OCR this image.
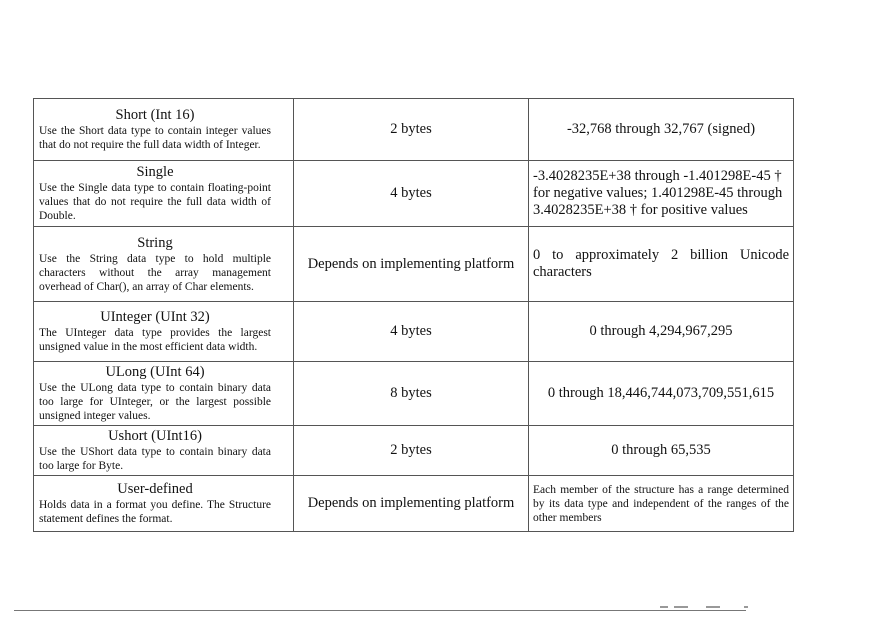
Short (Int 16)
Use the Short data type to contain integer values that do not require the full data width of Integer.	2 bytes	-32,768 through 32,767 (signed)

Single
Use the Single data type to contain floating-point values that do not require the full data width of Double.	4 bytes	-3.4028235E+38 through -1.401298E-45 † for negative values; 1.401298E-45 through 3.4028235E+38 † for positive values

String
Use the String data type to hold multiple characters without the array management overhead of Char(), an array of Char elements.	Depends on implementing platform	0 to approximately 2 billion Unicode characters

UInteger (UInt 32)
The UInteger data type provides the largest unsigned value in the most efficient data width.	4 bytes	0 through 4,294,967,295

ULong (UInt 64)
Use the ULong data type to contain binary data too large for UInteger, or the largest possible unsigned integer values.	8 bytes	0 through 18,446,744,073,709,551,615

Ushort (UInt16)
Use the UShort data type to contain binary data too large for Byte.	2 bytes	0 through 65,535

User-defined
Holds data in a format you define. The Structure statement defines the format.	Depends on implementing platform	Each member of the structure has a range determined by its data type and independent of the ranges of the other members
